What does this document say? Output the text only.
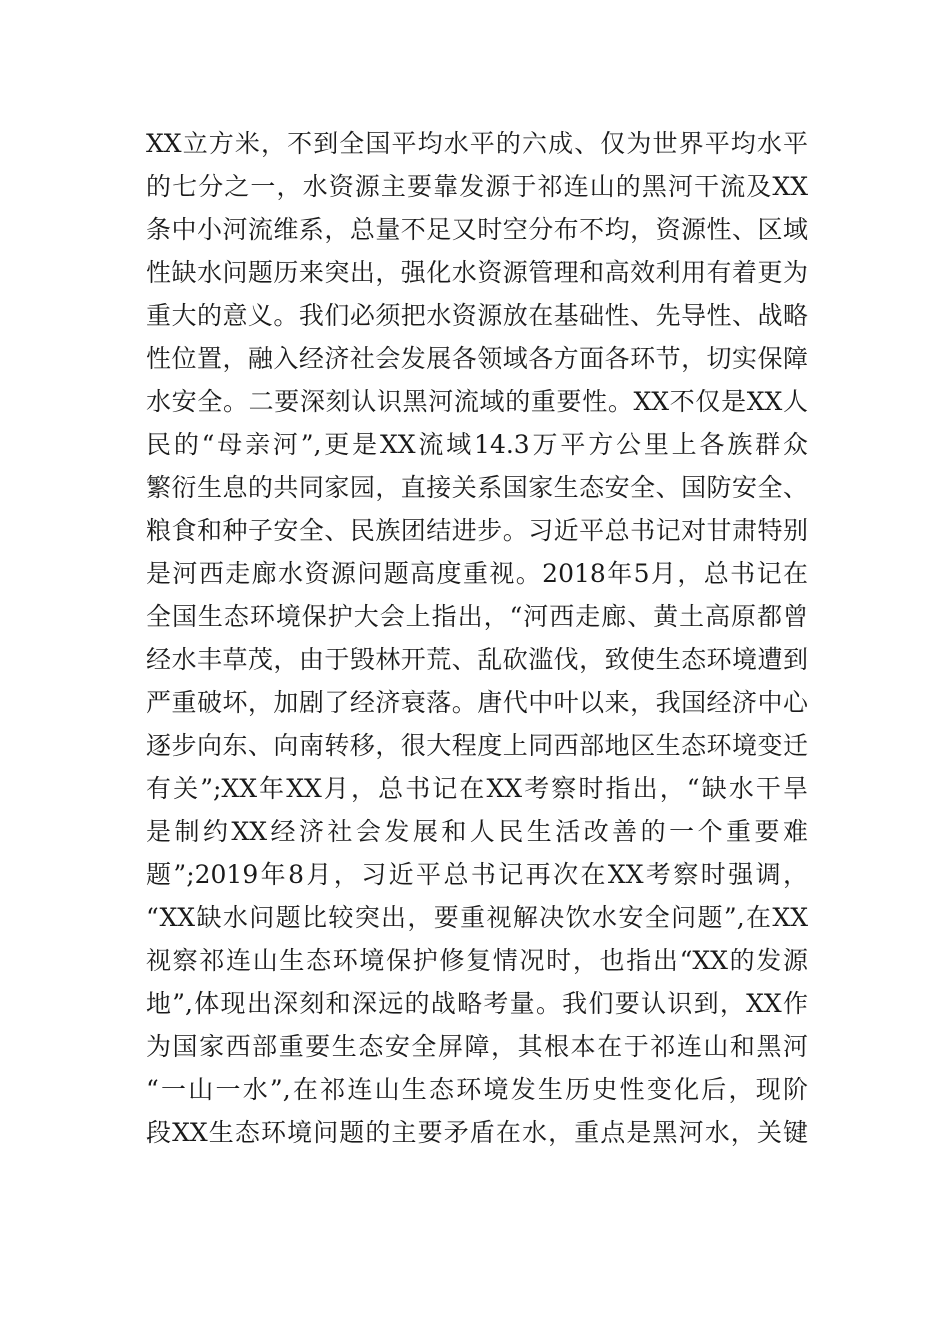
XX立方米，不到全国平均水平的六成、仅为世界平均水平
的七分之一，水资源主要靠发源于祁连山的黑河干流及XX
条中小河流维系，总量不足又时空分布不均，资源性、区域
性缺水问题历来突出，强化水资源管理和高效利用有着更为
重大的意义。我们必须把水资源放在基础性、先导性、战略
性位置，融入经济社会发展各领域各方面各环节，切实保障
水安全。二要深刻认识黑河流域的重要性。XX不仅是XX人
民的“母亲河”,更是XX流域14.3万平方公里上各族群众
繁衍生息的共同家园，直接关系国家生态安全、国防安全、
粮食和种子安全、民族团结进步。习近平总书记对甘肃特别
是河西走廊水资源问题高度重视。2018年5月，总书记在
全国生态环境保护大会上指出，“河西走廊、黄土高原都曾
经水丰草茂，由于毁林开荒、乱砍滥伐，致使生态环境遭到
严重破坏，加剧了经济衰落。唐代中叶以来，我国经济中心
逐步向东、向南转移，很大程度上同西部地区生态环境变迁
有关”;XX年XX月，总书记在XX考察时指出，“缺水干旱
是制约XX经济社会发展和人民生活改善的一个重要难
题”;2019年8月，习近平总书记再次在XX考察时强调，
“XX缺水问题比较突出，要重视解决饮水安全问题”,在XX
视察祁连山生态环境保护修复情况时，也指出“XX的发源
地”,体现出深刻和深远的战略考量。我们要认识到，XX作
为国家西部重要生态安全屏障，其根本在于祁连山和黑河
“一山一水”,在祁连山生态环境发生历史性变化后，现阶
段XX生态环境问题的主要矛盾在水，重点是黑河水，关键
